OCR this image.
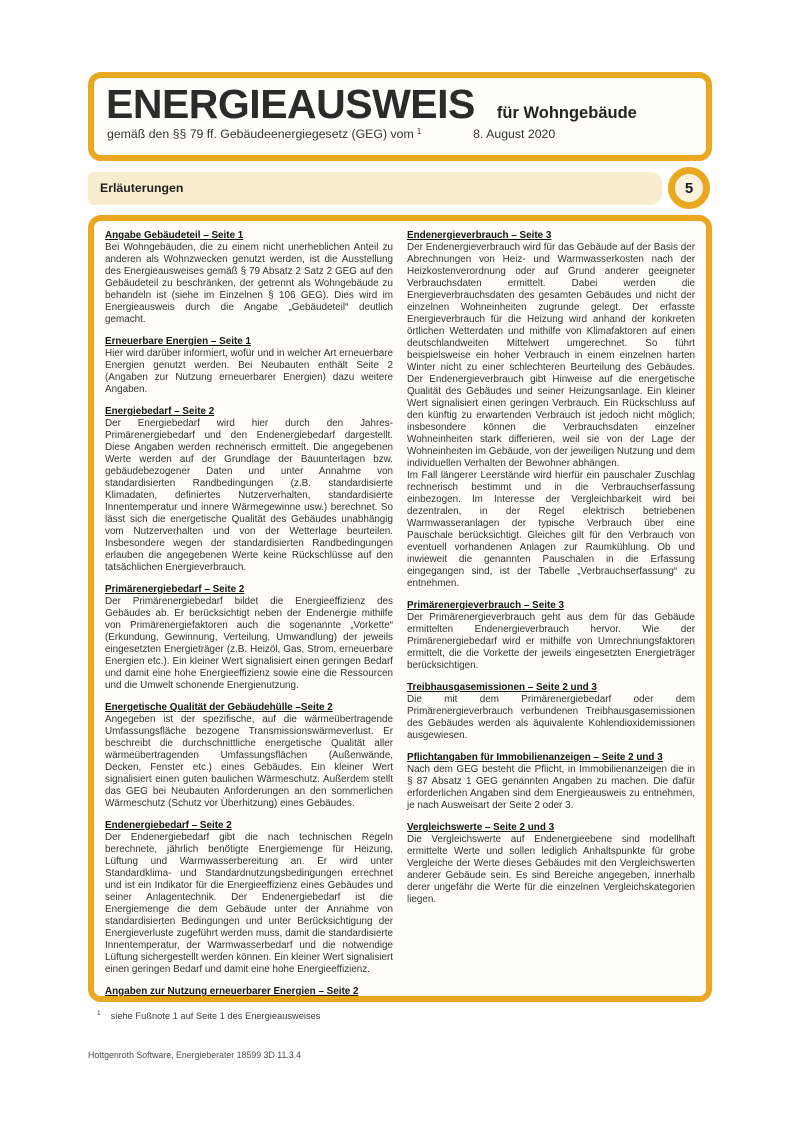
ENERGIEAUSWEIS für Wohngebäude
gemäß den §§ 79 ff. Gebäudeenergiegesetz (GEG) vom $^1$	8. August 2020
Erläuterungen	5
Angabe Gebäudeteil – Seite 1

Bei Wohngebäuden, die zu einem nicht unerheblichen Anteil zu anderen als Wohnzwecken genutzt werden, ist die Ausstellung des Energieausweises gemäß § 79 Absatz 2 Satz 2 GEG auf den Gebäudeteil zu beschränken, der getrennt als Wohngebäude zu behandeln ist (siehe im Einzelnen § 106 GEG). Dies wird im Energieausweis durch die Angabe „Gebäudeteil“ deutlich gemacht.

Erneuerbare Energien – Seite 1

Hier wird darüber informiert, wofür und in welcher Art erneuerbare Energien genutzt werden. Bei Neubauten enthält Seite 2 (Angaben zur Nutzung erneuerbarer Energien) dazu weitere Angaben.

Energiebedarf – Seite 2

Der Energiebedarf wird hier durch den Jahres-Primärenergiebedarf und den Endenergiebedarf dargestellt. Diese Angaben werden rechnerisch ermittelt. Die angegebenen Werte werden auf der Grundlage der Bauunterlagen bzw. gebäudebezogener Daten und unter Annahme von standardisierten Randbedingungen (z.B. standardisierte Klimadaten, definiertes Nutzerverhalten, standardisierte Innentemperatur und innere Wärmegewinne usw.) berechnet. So lässt sich die energetische Qualität des Gebäudes unabhängig vom Nutzerverhalten und von der Wetterlage beurteilen. Insbesondere wegen der standardisierten Randbedingungen erlauben die angegebenen Werte keine Rückschlüsse auf den tatsächlichen Energieverbrauch.

Primärenergiebedarf – Seite 2

Der Primärenergiebedarf bildet die Energieeffizienz des Gebäudes ab. Er berücksichtigt neben der Endenergie mithilfe von Primärenergiefaktoren auch die sogenannte „Vorkette“ (Erkundung, Gewinnung, Verteilung, Umwandlung) der jeweils eingesetzten Energieträger (z.B. Heizöl, Gas, Strom, erneuerbare Energien etc.). Ein kleiner Wert signalisiert einen geringen Bedarf und damit eine hohe Energieeffizienz sowie eine die Ressourcen und die Umwelt schonende Energienutzung.

Energetische Qualität der Gebäudehülle –Seite 2

Angegeben ist der spezifische, auf die wärmeübertragende Umfassungsfläche bezogene Transmissionswärmeverlust. Er beschreibt die durchschnittliche energetische Qualität aller wärmeübertragenden Umfassungsflächen (Außenwände, Decken, Fenster etc.) eines Gebäudes. Ein kleiner Wert signalisiert einen guten baulichen Wärmeschutz. Außerdem stellt das GEG bei Neubauten Anforderungen an den sommerlichen Wärmeschutz (Schutz vor Überhitzung) eines Gebäudes.

Endenergiebedarf – Seite 2

Der Endenergiebedarf gibt die nach technischen Regeln berechnete, jährlich benötigte Energiemenge für Heizung, Lüftung und Warmwasserbereitung an. Er wird unter Standardklima- und Standardnutzungsbedingungen errechnet und ist ein Indikator für die Energieeffizienz eines Gebäudes und seiner Anlagentechnik. Der Endenergiebedarf ist die Energiemenge die dem Gebäude unter der Annahme von standardisierten Bedingungen und unter Berücksichtigung der Energieverluste zugeführt werden muss, damit die standardisierte Innentemperatur, der Warmwasserbedarf und die notwendige Lüftung sichergestellt werden können. Ein kleiner Wert signalisiert einen geringen Bedarf und damit eine hohe Energieeffizienz.

Angaben zur Nutzung erneuerbarer Energien – Seite 2

Endenergieverbrauch – Seite 3

Der Endenergieverbrauch wird für das Gebäude auf der Basis der Abrechnungen von Heiz- und Warmwasserkosten nach der Heizkostenverordnung oder auf Grund anderer geeigneter Verbrauchsdaten ermittelt. Dabei werden die Energieverbrauchsdaten des gesamten Gebäudes und nicht der einzelnen Wohneinheiten zugrunde gelegt. Der erfasste Energieverbrauch für die Heizung wird anhand der konkreten örtlichen Wetterdaten und mithilfe von Klimafaktoren auf einen deutschlandweiten Mittelwert umgerechnet. So führt beispielsweise ein hoher Verbrauch in einem einzelnen harten Winter nicht zu einer schlechteren Beurteilung des Gebäudes. Der Endenergieverbrauch gibt Hinweise auf die energetische Qualität des Gebäudes und seiner Heizungsanlage. Ein kleiner Wert signalisiert einen geringen Verbrauch. Ein Rückschluss auf den künftig zu erwartenden Verbrauch ist jedoch nicht möglich; insbesondere können die Verbrauchsdaten einzelner Wohneinheiten stark differieren, weil sie von der Lage der Wohneinheiten im Gebäude, von der jeweiligen Nutzung und dem individuellen Verhalten der Bewohner abhängen.

Im Fall längerer Leerstände wird hierfür ein pauschaler Zuschlag rechnerisch bestimmt und in die Verbrauchserfassung einbezogen. Im Interesse der Vergleichbarkeit wird bei dezentralen, in der Regel elektrisch betriebenen Warmwasseranlagen der typische Verbrauch über eine Pauschale berücksichtigt. Gleiches gilt für den Verbrauch von eventuell vorhandenen Anlagen zur Raumkühlung. Ob und inwieweit die genannten Pauschalen in die Erfassung eingegangen sind, ist der Tabelle „Verbrauchserfassung“ zu entnehmen.

Primärenergieverbrauch – Seite 3

Der Primärenergieverbrauch geht aus dem für das Gebäude ermittelten Endenergieverbrauch hervor. Wie der Primärenergiebedarf wird er mithilfe von Umrechnungsfaktoren ermittelt, die die Vorkette der jeweils eingesetzten Energieträger berücksichtigen.

Treibhausgasemissionen – Seite 2 und 3

Die mit dem Primärenergiebedarf oder dem Primärenergieverbrauch verbundenen Treibhausgasemissionen des Gebäudes werden als äquivalente Kohlendioxidemissionen ausgewiesen.

Pflichtangaben für Immobilienanzeigen – Seite 2 und 3

Nach dem GEG besteht die Pflicht, in Immobilienanzeigen die in § 87 Absatz 1 GEG genannten Angaben zu machen. Die dafür erforderlichen Angaben sind dem Energieausweis zu entnehmen, je nach Ausweisart der Seite 2 oder 3.

Vergleichswerte – Seite 2 und 3

Die Vergleichswerte auf Endenergieebene sind modellhaft ermittelte Werte und sollen lediglich Anhaltspunkte für grobe Vergleiche der Werte dieses Gebäudes mit den Vergleichswerten anderer Gebäude sein. Es sind Bereiche angegeben, innerhalb derer ungefähr die Werte für die einzelnen Vergleichskategorien liegen.

$^1$ siehe Fußnote 1 auf Seite 1 des Energieausweises
Hottgenroth Software, Energieberater 18599 3D 11.3.4
